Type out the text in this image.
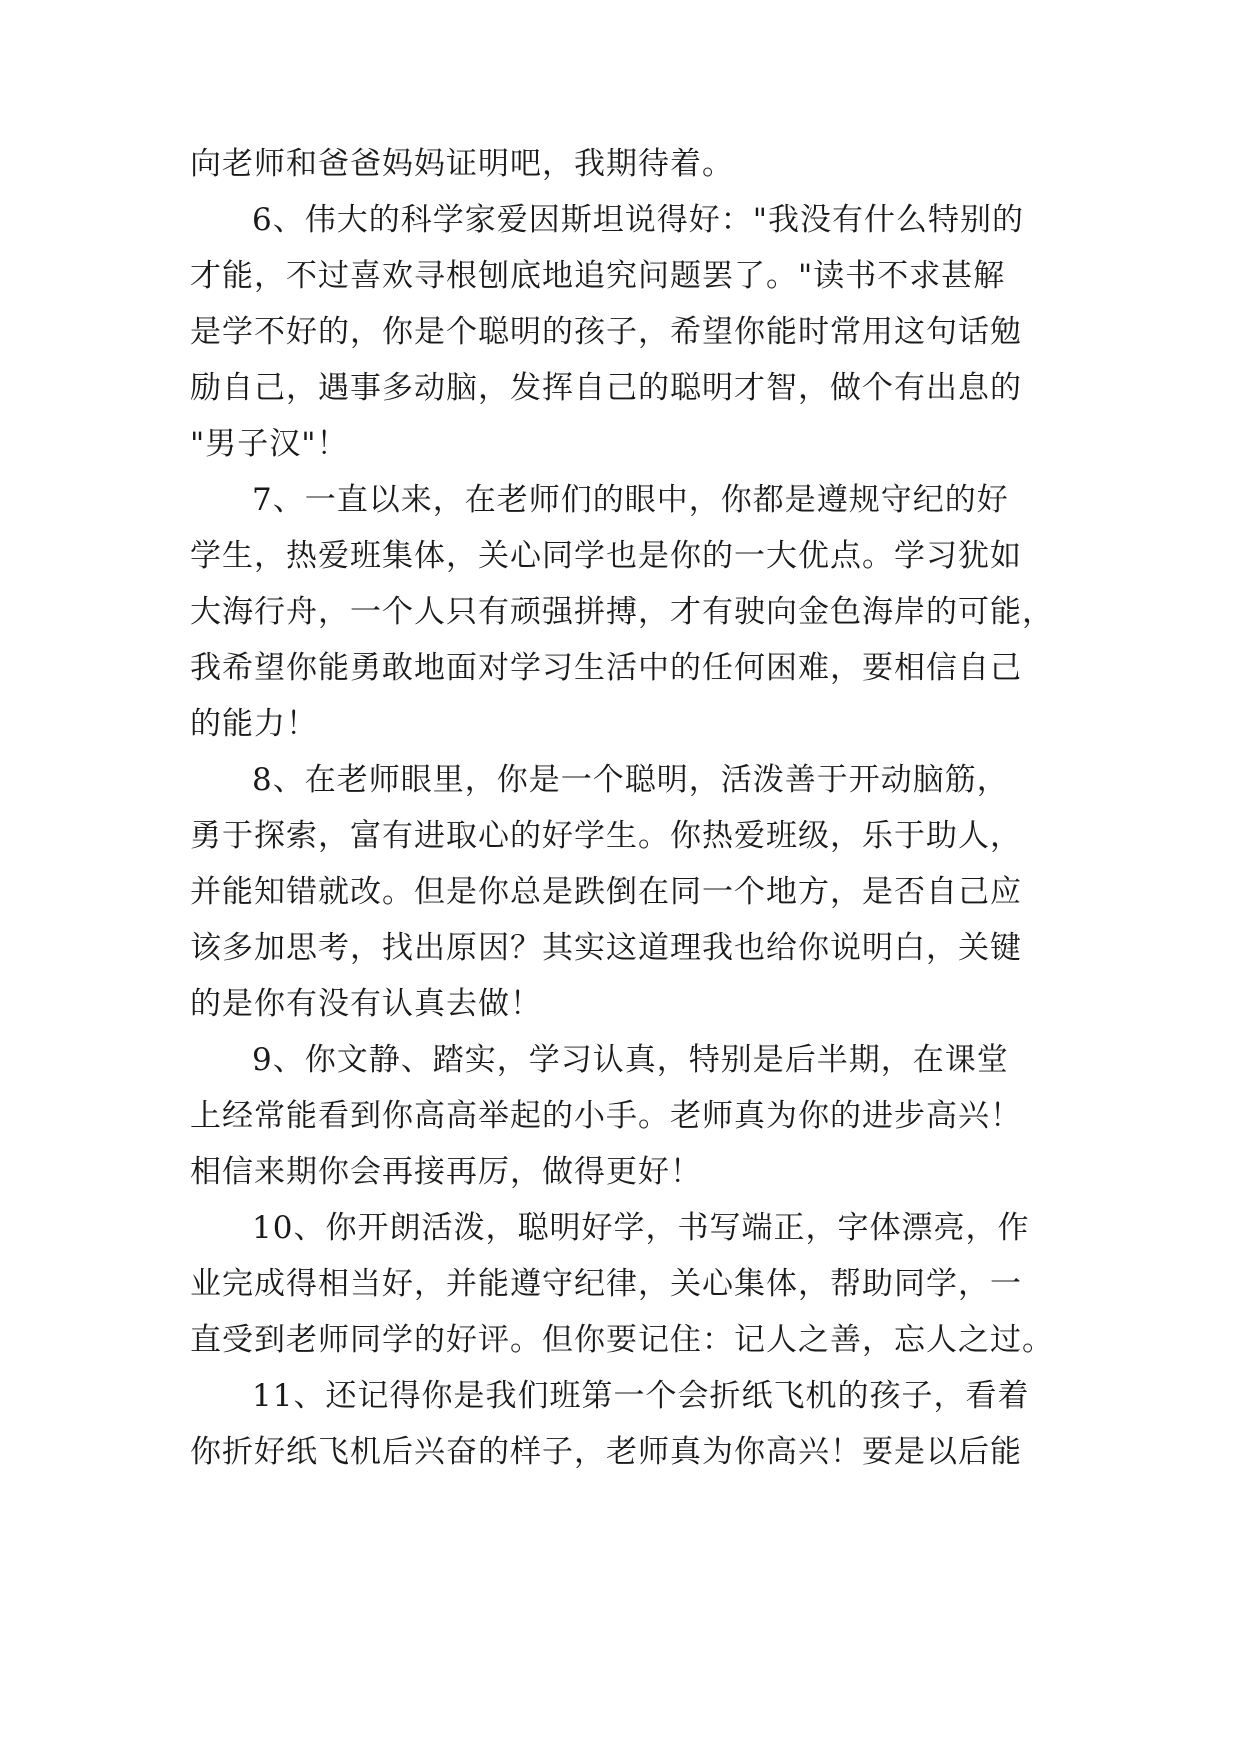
向老师和爸爸妈妈证明吧，我期待着。
6、伟大的科学家爱因斯坦说得好："我没有什么特别的
才能，不过喜欢寻根刨底地追究问题罢了。"读书不求甚解
是学不好的，你是个聪明的孩子，希望你能时常用这句话勉
励自己，遇事多动脑，发挥自己的聪明才智，做个有出息的
"男子汉"！
7、一直以来，在老师们的眼中，你都是遵规守纪的好
学生，热爱班集体，关心同学也是你的一大优点。学习犹如
大海行舟，一个人只有顽强拼搏，才有驶向金色海岸的可能，
我希望你能勇敢地面对学习生活中的任何困难，要相信自己
的能力！
8、在老师眼里，你是一个聪明，活泼善于开动脑筋，
勇于探索，富有进取心的好学生。你热爱班级，乐于助人，
并能知错就改。但是你总是跌倒在同一个地方，是否自己应
该多加思考，找出原因？其实这道理我也给你说明白，关键
的是你有没有认真去做！
9、你文静、踏实，学习认真，特别是后半期，在课堂
上经常能看到你高高举起的小手。老师真为你的进步高兴！
相信来期你会再接再厉，做得更好！
10、你开朗活泼，聪明好学，书写端正，字体漂亮，作
业完成得相当好，并能遵守纪律，关心集体，帮助同学，一
直受到老师同学的好评。但你要记住：记人之善，忘人之过。
11、还记得你是我们班第一个会折纸飞机的孩子，看着
你折好纸飞机后兴奋的样子，老师真为你高兴！要是以后能
